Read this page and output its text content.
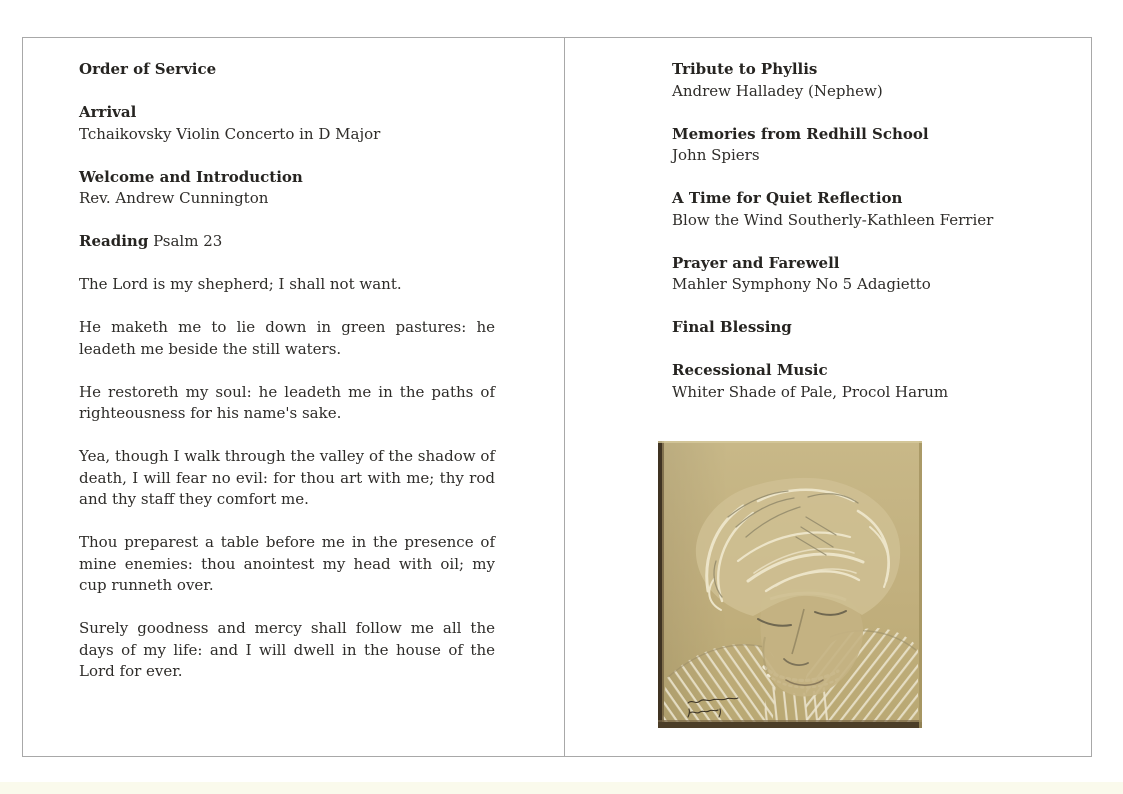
Order of Service

Arrival
Tchaikovsky Violin Concerto in D Major

Welcome and Introduction
Rev. Andrew Cunnington

Reading Psalm 23

The Lord is my shepherd; I shall not want.

He maketh me to lie down in green pastures: he leadeth me beside the still waters.

He restoreth my soul: he leadeth me in the paths of righteousness for his name's sake.

Yea, though I walk through the valley of the shadow of death, I will fear no evil: for thou art with me; thy rod and thy staff they comfort me.

Thou preparest a table before me in the presence of mine enemies: thou anointest my head with oil; my cup runneth over.

Surely goodness and mercy shall follow me all the days of my life: and I will dwell in the house of the Lord for ever.

Tribute to Phyllis
Andrew Halladey (Nephew)

Memories from Redhill School
John Spiers

A Time for Quiet Reflection
Blow the Wind Southerly-Kathleen Ferrier

Prayer and Farewell
Mahler Symphony No 5 Adagietto

Final Blessing

Recessional Music
Whiter Shade of Pale, Procol Harum
